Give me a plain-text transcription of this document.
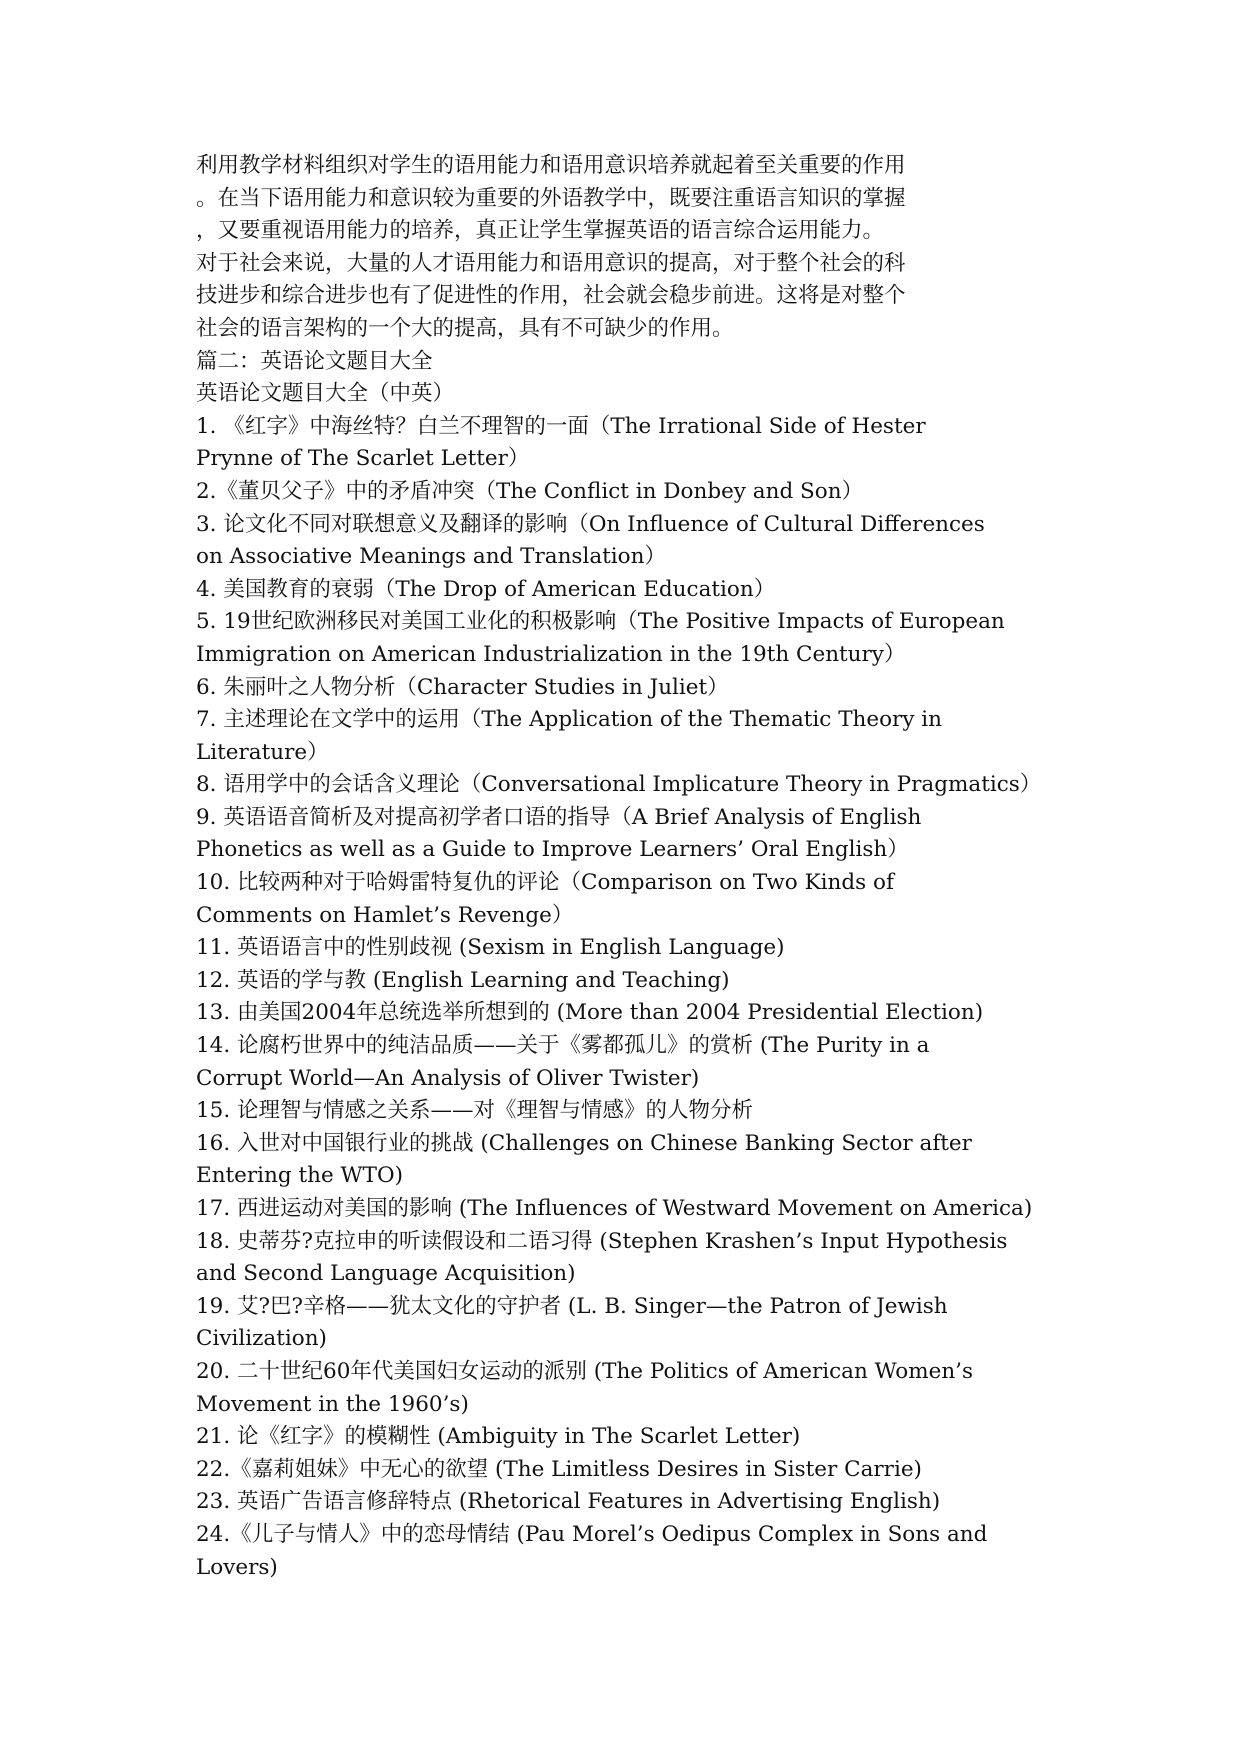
利用教学材料组织对学生的语用能力和语用意识培养就起着至关重要的作用
。在当下语用能力和意识较为重要的外语教学中，既要注重语言知识的掌握
，又要重视语用能力的培养，真正让学生掌握英语的语言综合运用能力。
对于社会来说，大量的人才语用能力和语用意识的提高，对于整个社会的科
技进步和综合进步也有了促进性的作用，社会就会稳步前进。这将是对整个
社会的语言架构的一个大的提高，具有不可缺少的作用。
篇二：英语论文题目大全
英语论文题目大全（中英）
1. 《红字》中海丝特？白兰不理智的一面（The Irrational Side of Hester
Prynne of The Scarlet Letter）
2.《董贝父子》中的矛盾冲突（The Conflict in Donbey and Son）
3. 论文化不同对联想意义及翻译的影响（On Influence of Cultural Differences
on Associative Meanings and Translation）
4. 美国教育的衰弱（The Drop of American Education）
5. 19世纪欧洲移民对美国工业化的积极影响（The Positive Impacts of European
Immigration on American Industrialization in the 19th Century）
6. 朱丽叶之人物分析（Character Studies in Juliet）
7. 主述理论在文学中的运用（The Application of the Thematic Theory in
Literature）
8. 语用学中的会话含义理论（Conversational Implicature Theory in Pragmatics）
9. 英语语音简析及对提高初学者口语的指导（A Brief Analysis of English
Phonetics as well as a Guide to Improve Learners’ Oral English）
10. 比较两种对于哈姆雷特复仇的评论（Comparison on Two Kinds of
Comments on Hamlet’s Revenge）
11. 英语语言中的性别歧视 (Sexism in English Language)
12. 英语的学与教 (English Learning and Teaching)
13. 由美国2004年总统选举所想到的 (More than 2004 Presidential Election)
14. 论腐朽世界中的纯洁品质——关于《雾都孤儿》的赏析 (The Purity in a
Corrupt World—An Analysis of Oliver Twister)
15. 论理智与情感之关系——对《理智与情感》的人物分析
16. 入世对中国银行业的挑战 (Challenges on Chinese Banking Sector after
Entering the WTO)
17. 西进运动对美国的影响 (The Influences of Westward Movement on America)
18. 史蒂芬?克拉申的听读假设和二语习得 (Stephen Krashen’s Input Hypothesis
and Second Language Acquisition)
19. 艾?巴?辛格——犹太文化的守护者 (L. B. Singer—the Patron of Jewish
Civilization)
20. 二十世纪60年代美国妇女运动的派别 (The Politics of American Women’s
Movement in the 1960’s)
21. 论《红字》的模糊性 (Ambiguity in The Scarlet Letter)
22.《嘉莉姐妹》中无心的欲望 (The Limitless Desires in Sister Carrie)
23. 英语广告语言修辞特点 (Rhetorical Features in Advertising English)
24.《儿子与情人》中的恋母情结 (Pau Morel’s Oedipus Complex in Sons and
Lovers)
